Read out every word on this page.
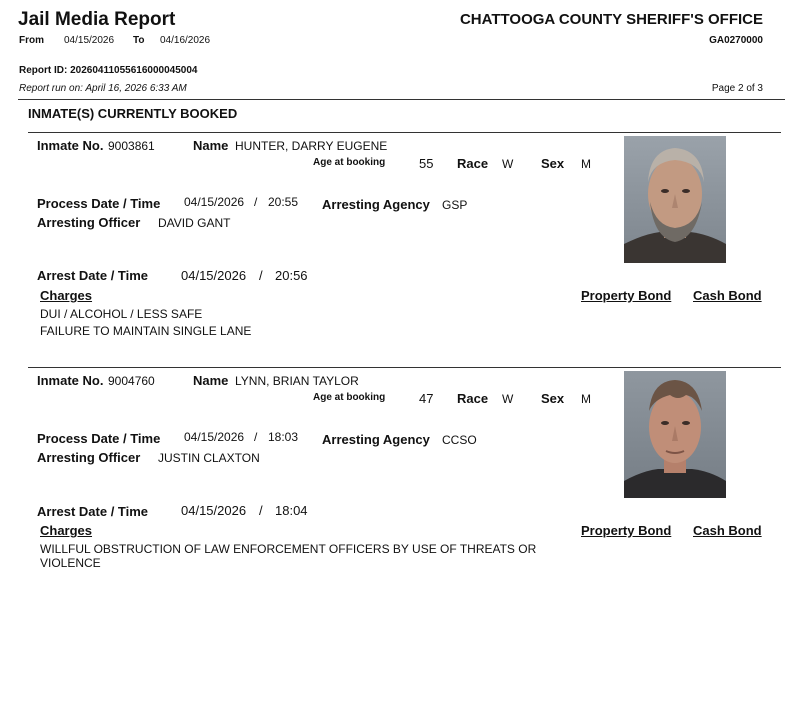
Jail Media Report
From 04/15/2026 To 04/16/2026
CHATTOOGA COUNTY SHERIFF'S OFFICE
GA0270000
Report ID: 20260411055616000045004
Report run on: April 16, 2026 6:33 AM	Page 2 of 3
INMATE(S) CURRENTLY BOOKED
Inmate No. 9003861	Name HUNTER, DARRY EUGENE
Age at booking	55 Race W Sex M
Process Date / Time 04/15/2026 / 20:55 Arresting Agency GSP
Arresting Officer DAVID GANT
Arrest Date / Time	04/15/2026 / 20:56
Charges	Property Bond Cash Bond
DUI / ALCOHOL / LESS SAFE
FAILURE TO MAINTAIN SINGLE LANE
Inmate No. 9004760	Name LYNN, BRIAN TAYLOR
Age at booking	47 Race W Sex M
Process Date / Time 04/15/2026 / 18:03 Arresting Agency CCSO
Arresting Officer JUSTIN CLAXTON
Arrest Date / Time	04/15/2026 / 18:04
Charges	Property Bond Cash Bond
WILLFUL OBSTRUCTION OF LAW ENFORCEMENT OFFICERS BY USE OF THREATS OR
VIOLENCE
